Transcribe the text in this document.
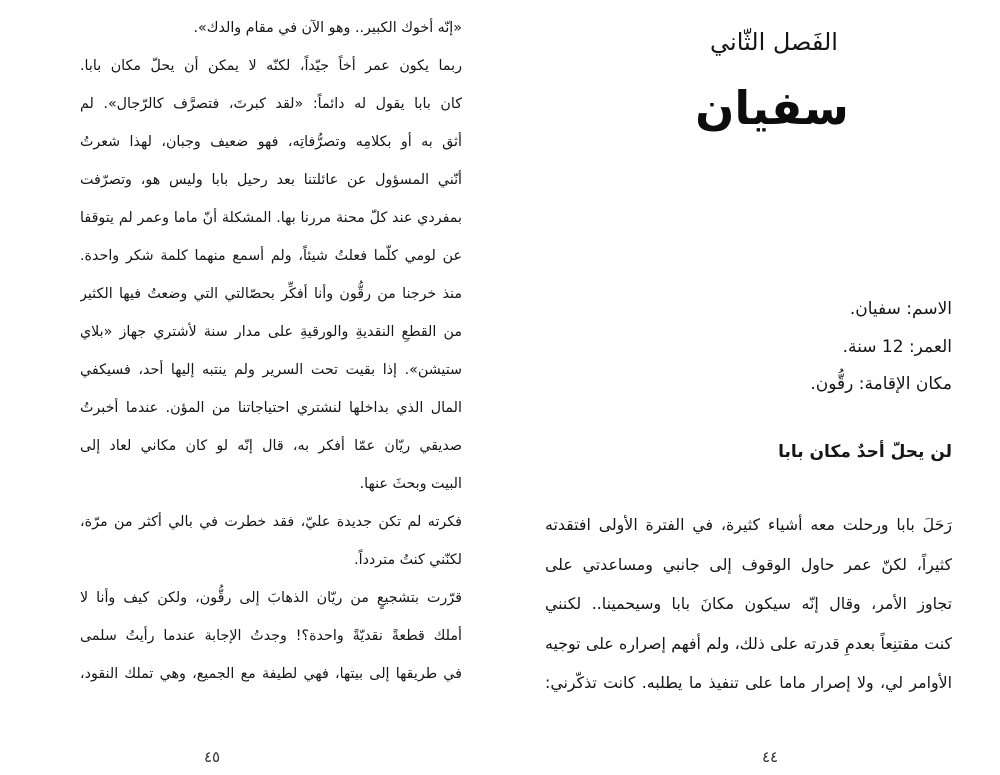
«إنّه أخوك الكبير.. وهو الآن في مقام والدك».
ربما يكون عمر أخاً جيّداً، لكنّه لا يمكن أن يحلّ مكان بابا.
كان بابا يقول له دائماً: «لقد كبرتَ، فتصرَّف كالرّجال». لم
أثق به أو بكلامِه وتصرُّفاتِه، فهو ضعيف وجبان، لهذا شعرتُ
أنّني المسؤول عن عائلتنا بعد رحيل بابا وليس هو، وتصرّفت
بمفردي عند كلّ محنة مررنا بها. المشكلة أنّ ماما وعمر لم يتوقفا
عن لومي كلّما فعلتُ شيئاً، ولم أسمع منهما كلمة شكر واحدة.
منذ خرجنا من رقُّون وأنا أفكِّر بحصّالتي التي وضعتُ فيها الكثير
من القطعِ النقديةِ والورقيةِ على مدار سنة لأشتري جهاز «بلاي
ستيشن». إذا بقيت تحت السرير ولم ينتبه إليها أحد، فسيكفي
المال الذي بداخلها لنشتري احتياجاتنا من المؤن. عندما أخبرتُ
صديقي ريّان عمّا أفكر به، قال إنّه لو كان مكاني لعاد إلى
البيت وبحثَ عنها.
فكرته لم تكن جديدة عليّ، فقد خطرت في بالي أكثر من مرّة،
لكنّني كنتُ متردداً.
قرّرت بتشجيعٍ من ريّان الذهابَ إلى رقُّون، ولكن كيف وأنا لا
أملك قطعةً نقديّةً واحدة؟! وجدتُ الإجابة عندما رأيتُ سلمى
في طريقها إلى بيتها، فهي لطيفة مع الجميع، وهي تملك النقود،
٤٥
الفَصل الثّاني
سفيان
الاسم: سفيان.
العمر: 12 سنة.
مكان الإقامة: رقُّون.
لن يحلّ أحدٌ مكان بابا
رَحَلَ بابا ورحلت معه أشياء كثيرة، في الفترة الأولى افتقدته
كثيراً، لكنّ عمر حاول الوقوف إلى جانبي ومساعدتي على
تجاوز الأمر، وقال إنّه سيكون مكانَ بابا وسيحمينا.. لكنني
كنت مقتنِعاً بعدمِ قدرته على ذلك، ولم أفهم إصراره على توجيه
الأوامر لي، ولا إصرار ماما على تنفيذ ما يطلبه. كانت تذكّرني:
٤٤
